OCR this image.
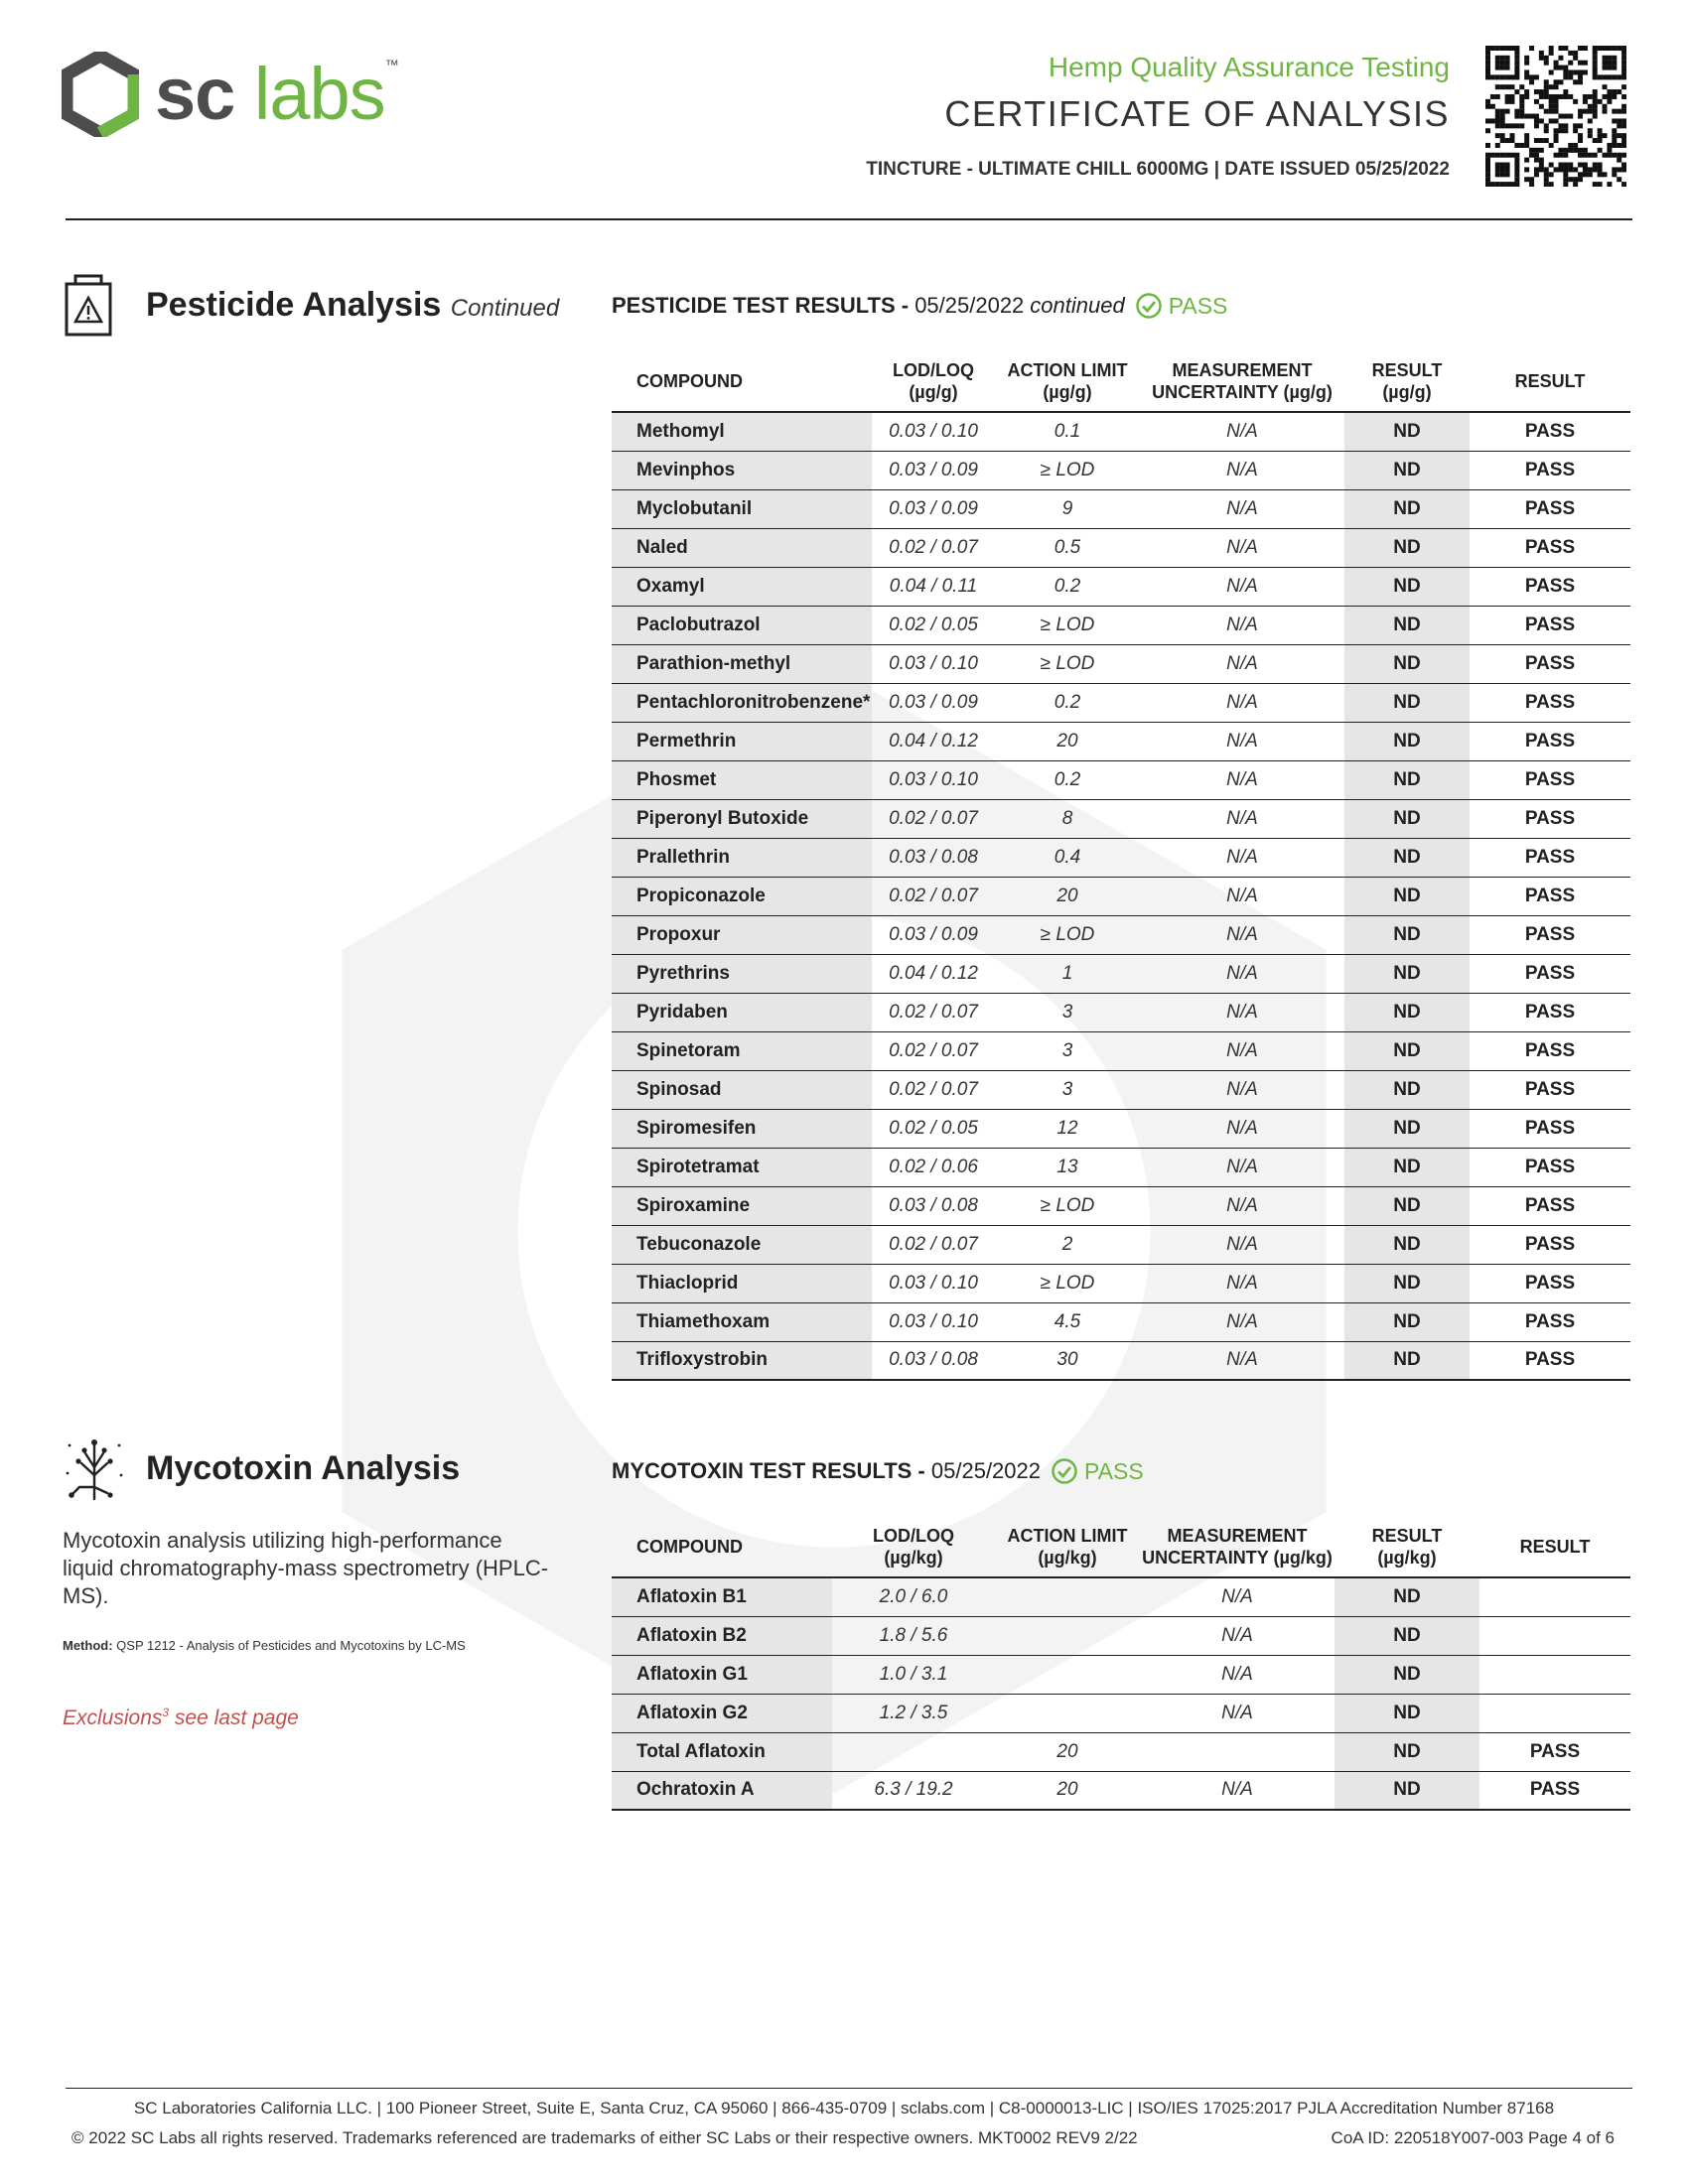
sc labs™	Hemp Quality Assurance Testing
CERTIFICATE OF ANALYSIS
TINCTURE - ULTIMATE CHILL 6000MG | DATE ISSUED 05/25/2022
Pesticide Analysis Continued PESTICIDE TEST RESULTS -
05/25/2022 continued PASS
COMPOUND	LOD/LOQ
(µg/g)	ACTION LIMIT
(µg/g)	MEASUREMENT
UNCERTAINTY (µg/g)	RESULT
(µg/g)	RESULT
Methomyl	0.03 / 0.10	0.1	N/A	ND	PASS
Mevinphos	0.03 / 0.09	≥ LOD	N/A	ND	PASS
Myclobutanil	0.03 / 0.09	9	N/A	ND	PASS
Naled	0.02 / 0.07	0.5	N/A	ND	PASS
Oxamyl	0.04 / 0.11	0.2	N/A	ND	PASS
Paclobutrazol	0.02 / 0.05	≥ LOD	N/A	ND	PASS
Parathion-methyl	0.03 / 0.10	≥ LOD	N/A	ND	PASS
Pentachloronitrobenzene*	0.03 / 0.09	0.2	N/A	ND	PASS
Permethrin	0.04 / 0.12	20	N/A	ND	PASS
Phosmet	0.03 / 0.10	0.2	N/A	ND	PASS
Piperonyl Butoxide	0.02 / 0.07	8	N/A	ND	PASS
Prallethrin	0.03 / 0.08	0.4	N/A	ND	PASS
Propiconazole	0.02 / 0.07	20	N/A	ND	PASS
Propoxur	0.03 / 0.09	≥ LOD	N/A	ND	PASS
Pyrethrins	0.04 / 0.12	1	N/A	ND	PASS
Pyridaben	0.02 / 0.07	3	N/A	ND	PASS
Spinetoram	0.02 / 0.07	3	N/A	ND	PASS
Spinosad	0.02 / 0.07	3	N/A	ND	PASS
Spiromesifen	0.02 / 0.05	12	N/A	ND	PASS
Spirotetramat	0.02 / 0.06	13	N/A	ND	PASS
Spiroxamine	0.03 / 0.08	≥ LOD	N/A	ND	PASS
Tebuconazole	0.02 / 0.07	2	N/A	ND	PASS
Thiacloprid	0.03 / 0.10	≥ LOD	N/A	ND	PASS
Thiamethoxam	0.03 / 0.10	4.5	N/A	ND	PASS
Trifloxystrobin	0.03 / 0.08	30	N/A	ND	PASS
Mycotoxin Analysis
Mycotoxin analysis utilizing high-performance liquid chromatography-mass spectrometry (HPLC-MS).
Method: QSP 1212 - Analysis of Pesticides and Mycotoxins by LC-MS
Exclusions$^3$ see last page
MYCOTOXIN TEST RESULTS -
05/25/2022 PASS
COMPOUND	LOD/LOQ
(µg/kg)	ACTION LIMIT
(µg/kg)	MEASUREMENT
UNCERTAINTY (µg/kg)	RESULT
(µg/kg)	RESULT
Aflatoxin B1	2.0 / 6.0		N/A	ND	
Aflatoxin B2	1.8 / 5.6		N/A	ND	
Aflatoxin G1	1.0 / 3.1		N/A	ND	
Aflatoxin G2	1.2 / 3.5		N/A	ND	
Total Aflatoxin		20		ND	PASS
Ochratoxin A	6.3 / 19.2	20	N/A	ND	PASS
SC Laboratories California LLC. | 100 Pioneer Street, Suite E, Santa Cruz, CA 95060 | 866-435-0709 | sclabs.com | C8-0000013-LIC | ISO/IES 17025:2017 PJLA Accreditation Number 87168
© 2022 SC Labs all rights reserved. Trademarks referenced are trademarks of either SC Labs or their respective owners. MKT0002 REV9 2/22	CoA ID: 220518Y007-003 Page 4 of 6
